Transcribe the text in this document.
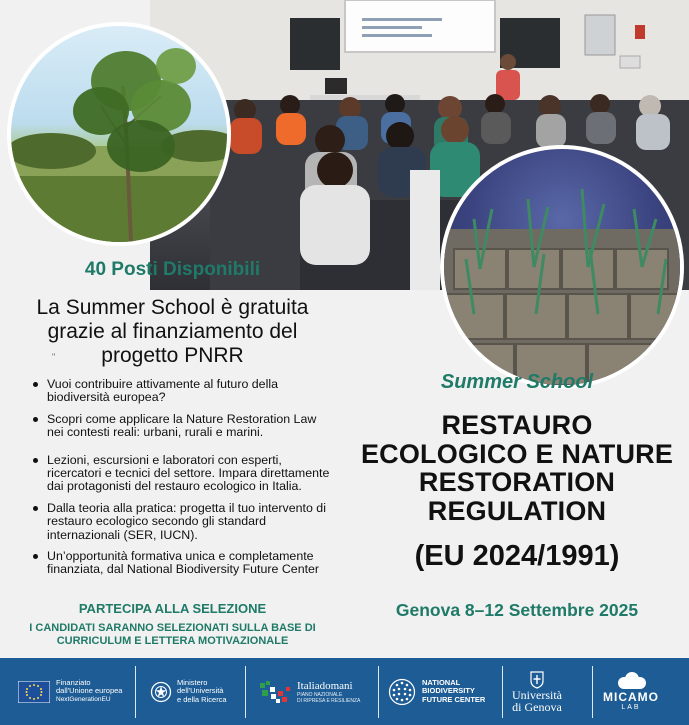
40 Posti Disponibili
La Summer School è gratuita
grazie al finanziamento del
progetto PNRR
"
Vuoi contribuire attivamente al futuro della biodiversità europea?
Scopri come applicare la Nature Restoration Law nei contesti reali: urbani, rurali e marini.
Lezioni, escursioni e laboratori con esperti, ricercatori e tecnici del settore. Impara direttamente dai protagonisti del restauro ecologico in Italia.
Dalla teoria alla pratica: progetta il tuo intervento di restauro ecologico secondo gli standard internazionali (SER, IUCN).
Un’opportunità formativa unica e completamente finanziata, dal National Biodiversity Future Center
PARTECIPA ALLA SELEZIONE
I CANDIDATI SARANNO SELEZIONATI SULLA BASE DI
CURRICULUM E LETTERA MOTIVAZIONALE
Summer School
RESTAURO
ECOLOGICO E NATURE
RESTORATION
REGULATION
(EU 2024/1991)
Genova 8–12 Settembre 2025
Finanziato
dall'Unione europea
NextGenerationEU
Ministero
dell'Università
e della Ricerca
Italiadomani
PIANO NAZIONALE
DI RIPRESA E RESILIENZA
NATIONAL
BIODIVERSITY
FUTURE CENTER Università
di Genova
MICAMO
LAB
